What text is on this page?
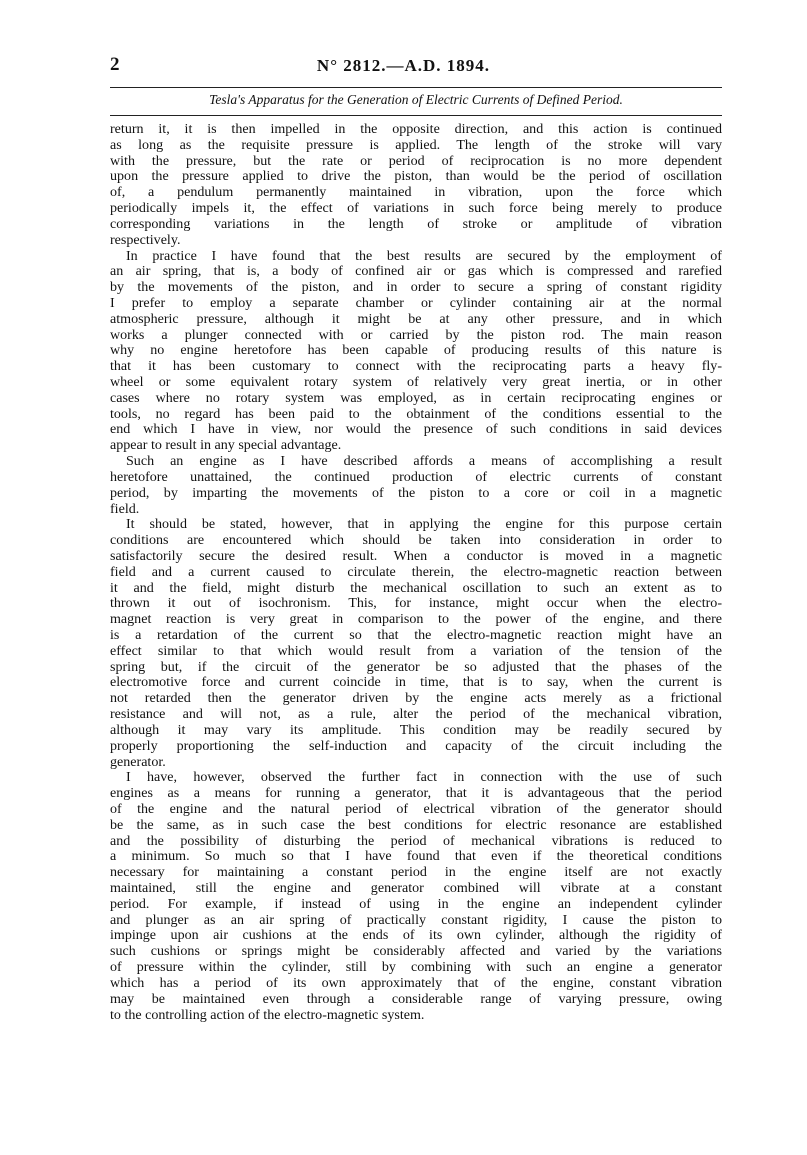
2	N° 2812.—A.D. 1894.
Tesla's Apparatus for the Generation of Electric Currents of Defined Period.
return it, it is then impelled in the opposite direction, and this action is continued
as long as the requisite pressure is applied. The length of the stroke will vary
with the pressure, but the rate or period of reciprocation is no more dependent
upon the pressure applied to drive the piston, than would be the period of oscillation
of, a pendulum permanently maintained in vibration, upon the force which
periodically impels it, the effect of variations in such force being merely to produce
corresponding variations in the length of stroke or amplitude of vibration
respectively.
In practice I have found that the best results are secured by the employment of
an air spring, that is, a body of confined air or gas which is compressed and rarefied
by the movements of the piston, and in order to secure a spring of constant rigidity
I prefer to employ a separate chamber or cylinder containing air at the normal
atmospheric pressure, although it might be at any other pressure, and in which
works a plunger connected with or carried by the piston rod. The main reason
why no engine heretofore has been capable of producing results of this nature is
that it has been customary to connect with the reciprocating parts a heavy fly-
wheel or some equivalent rotary system of relatively very great inertia, or in other
cases where no rotary system was employed, as in certain reciprocating engines or
tools, no regard has been paid to the obtainment of the conditions essential to the
end which I have in view, nor would the presence of such conditions in said devices
appear to result in any special advantage.
Such an engine as I have described affords a means of accomplishing a result
heretofore unattained, the continued production of electric currents of constant
period, by imparting the movements of the piston to a core or coil in a magnetic
field.
It should be stated, however, that in applying the engine for this purpose certain
conditions are encountered which should be taken into consideration in order to
satisfactorily secure the desired result. When a conductor is moved in a magnetic
field and a current caused to circulate therein, the electro-magnetic reaction between
it and the field, might disturb the mechanical oscillation to such an extent as to
thrown it out of isochronism. This, for instance, might occur when the electro-
magnet reaction is very great in comparison to the power of the engine, and there
is a retardation of the current so that the electro-magnetic reaction might have an
effect similar to that which would result from a variation of the tension of the
spring but, if the circuit of the generator be so adjusted that the phases of the
electromotive force and current coincide in time, that is to say, when the current is
not retarded then the generator driven by the engine acts merely as a frictional
resistance and will not, as a rule, alter the period of the mechanical vibration,
although it may vary its amplitude. This condition may be readily secured by
properly proportioning the self-induction and capacity of the circuit including the
generator.
I have, however, observed the further fact in connection with the use of such
engines as a means for running a generator, that it is advantageous that the period
of the engine and the natural period of electrical vibration of the generator should
be the same, as in such case the best conditions for electric resonance are established
and the possibility of disturbing the period of mechanical vibrations is reduced to
a minimum. So much so that I have found that even if the theoretical conditions
necessary for maintaining a constant period in the engine itself are not exactly
maintained, still the engine and generator combined will vibrate at a constant
period. For example, if instead of using in the engine an independent cylinder
and plunger as an air spring of practically constant rigidity, I cause the piston to
impinge upon air cushions at the ends of its own cylinder, although the rigidity of
such cushions or springs might be considerably affected and varied by the variations
of pressure within the cylinder, still by combining with such an engine a generator
which has a period of its own approximately that of the engine, constant vibration
may be maintained even through a considerable range of varying pressure, owing
to the controlling action of the electro-magnetic system.
